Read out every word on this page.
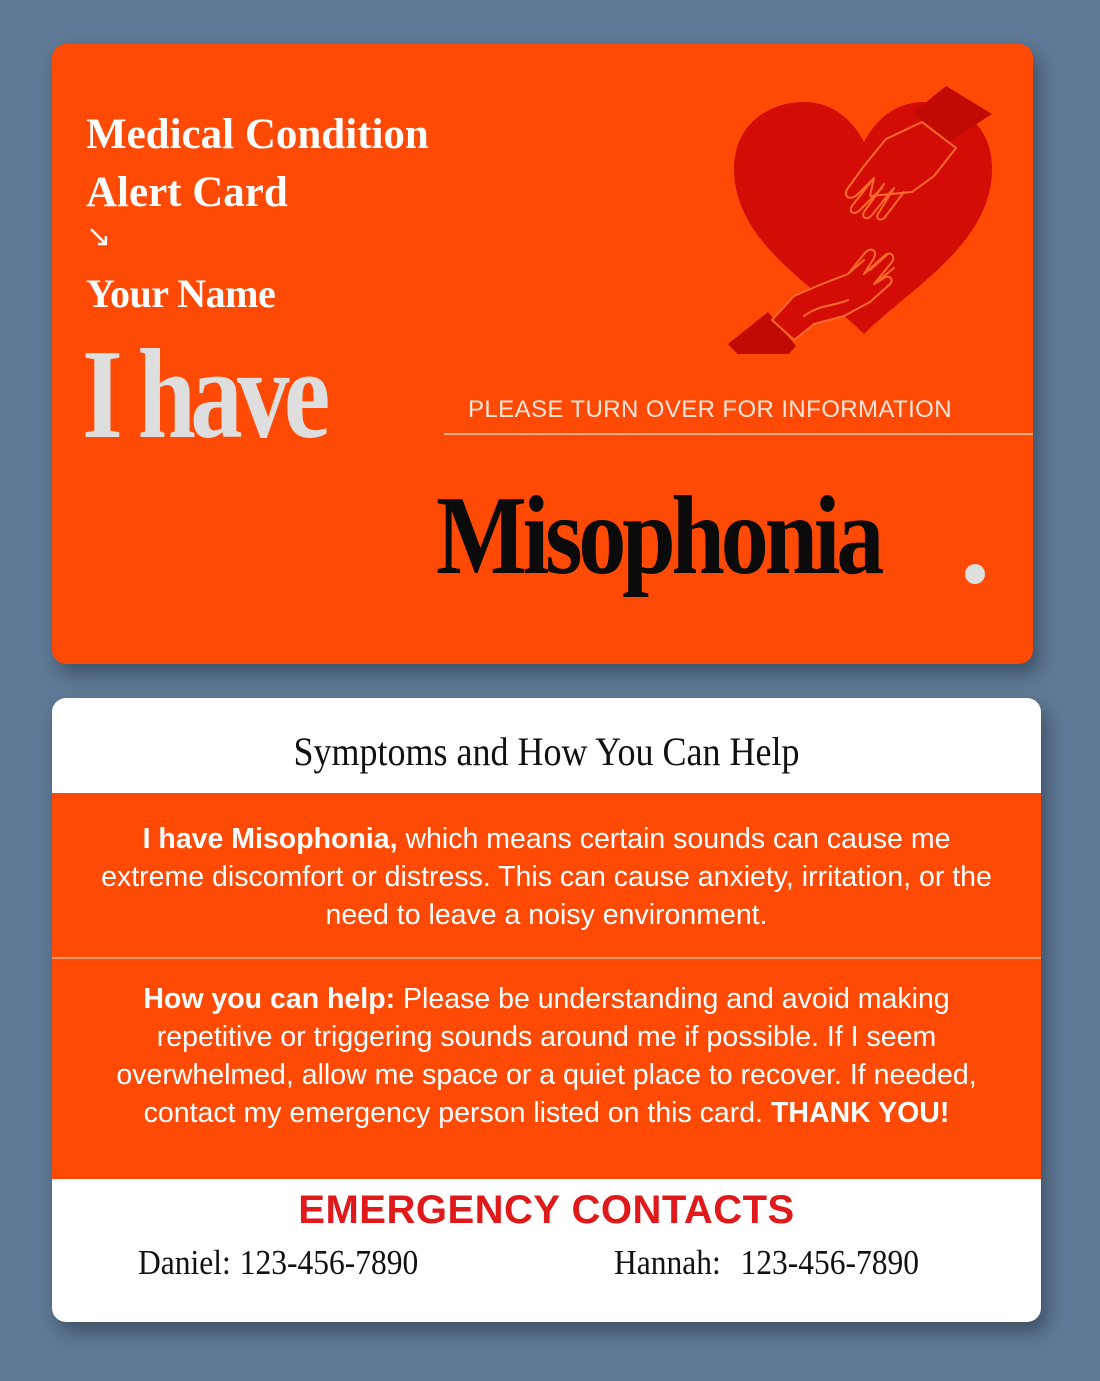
Medical Condition
Alert Card
↘
Your Name
I have	PLEASE TURN OVER FOR INFORMATION
Misophonia
Symptoms and How You Can Help
I have Misophonia, which means certain sounds can cause me extreme discomfort or distress. This can cause anxiety, irritation, or the need to leave a noisy environment.
How you can help: Please be understanding and avoid making repetitive or triggering sounds around me if possible. If I seem overwhelmed, allow me space or a quiet place to recover. If needed, contact my emergency person listed on this card. THANK YOU!
EMERGENCY CONTACTS
Daniel: 123-456-7890	Hannah: 123-456-7890
